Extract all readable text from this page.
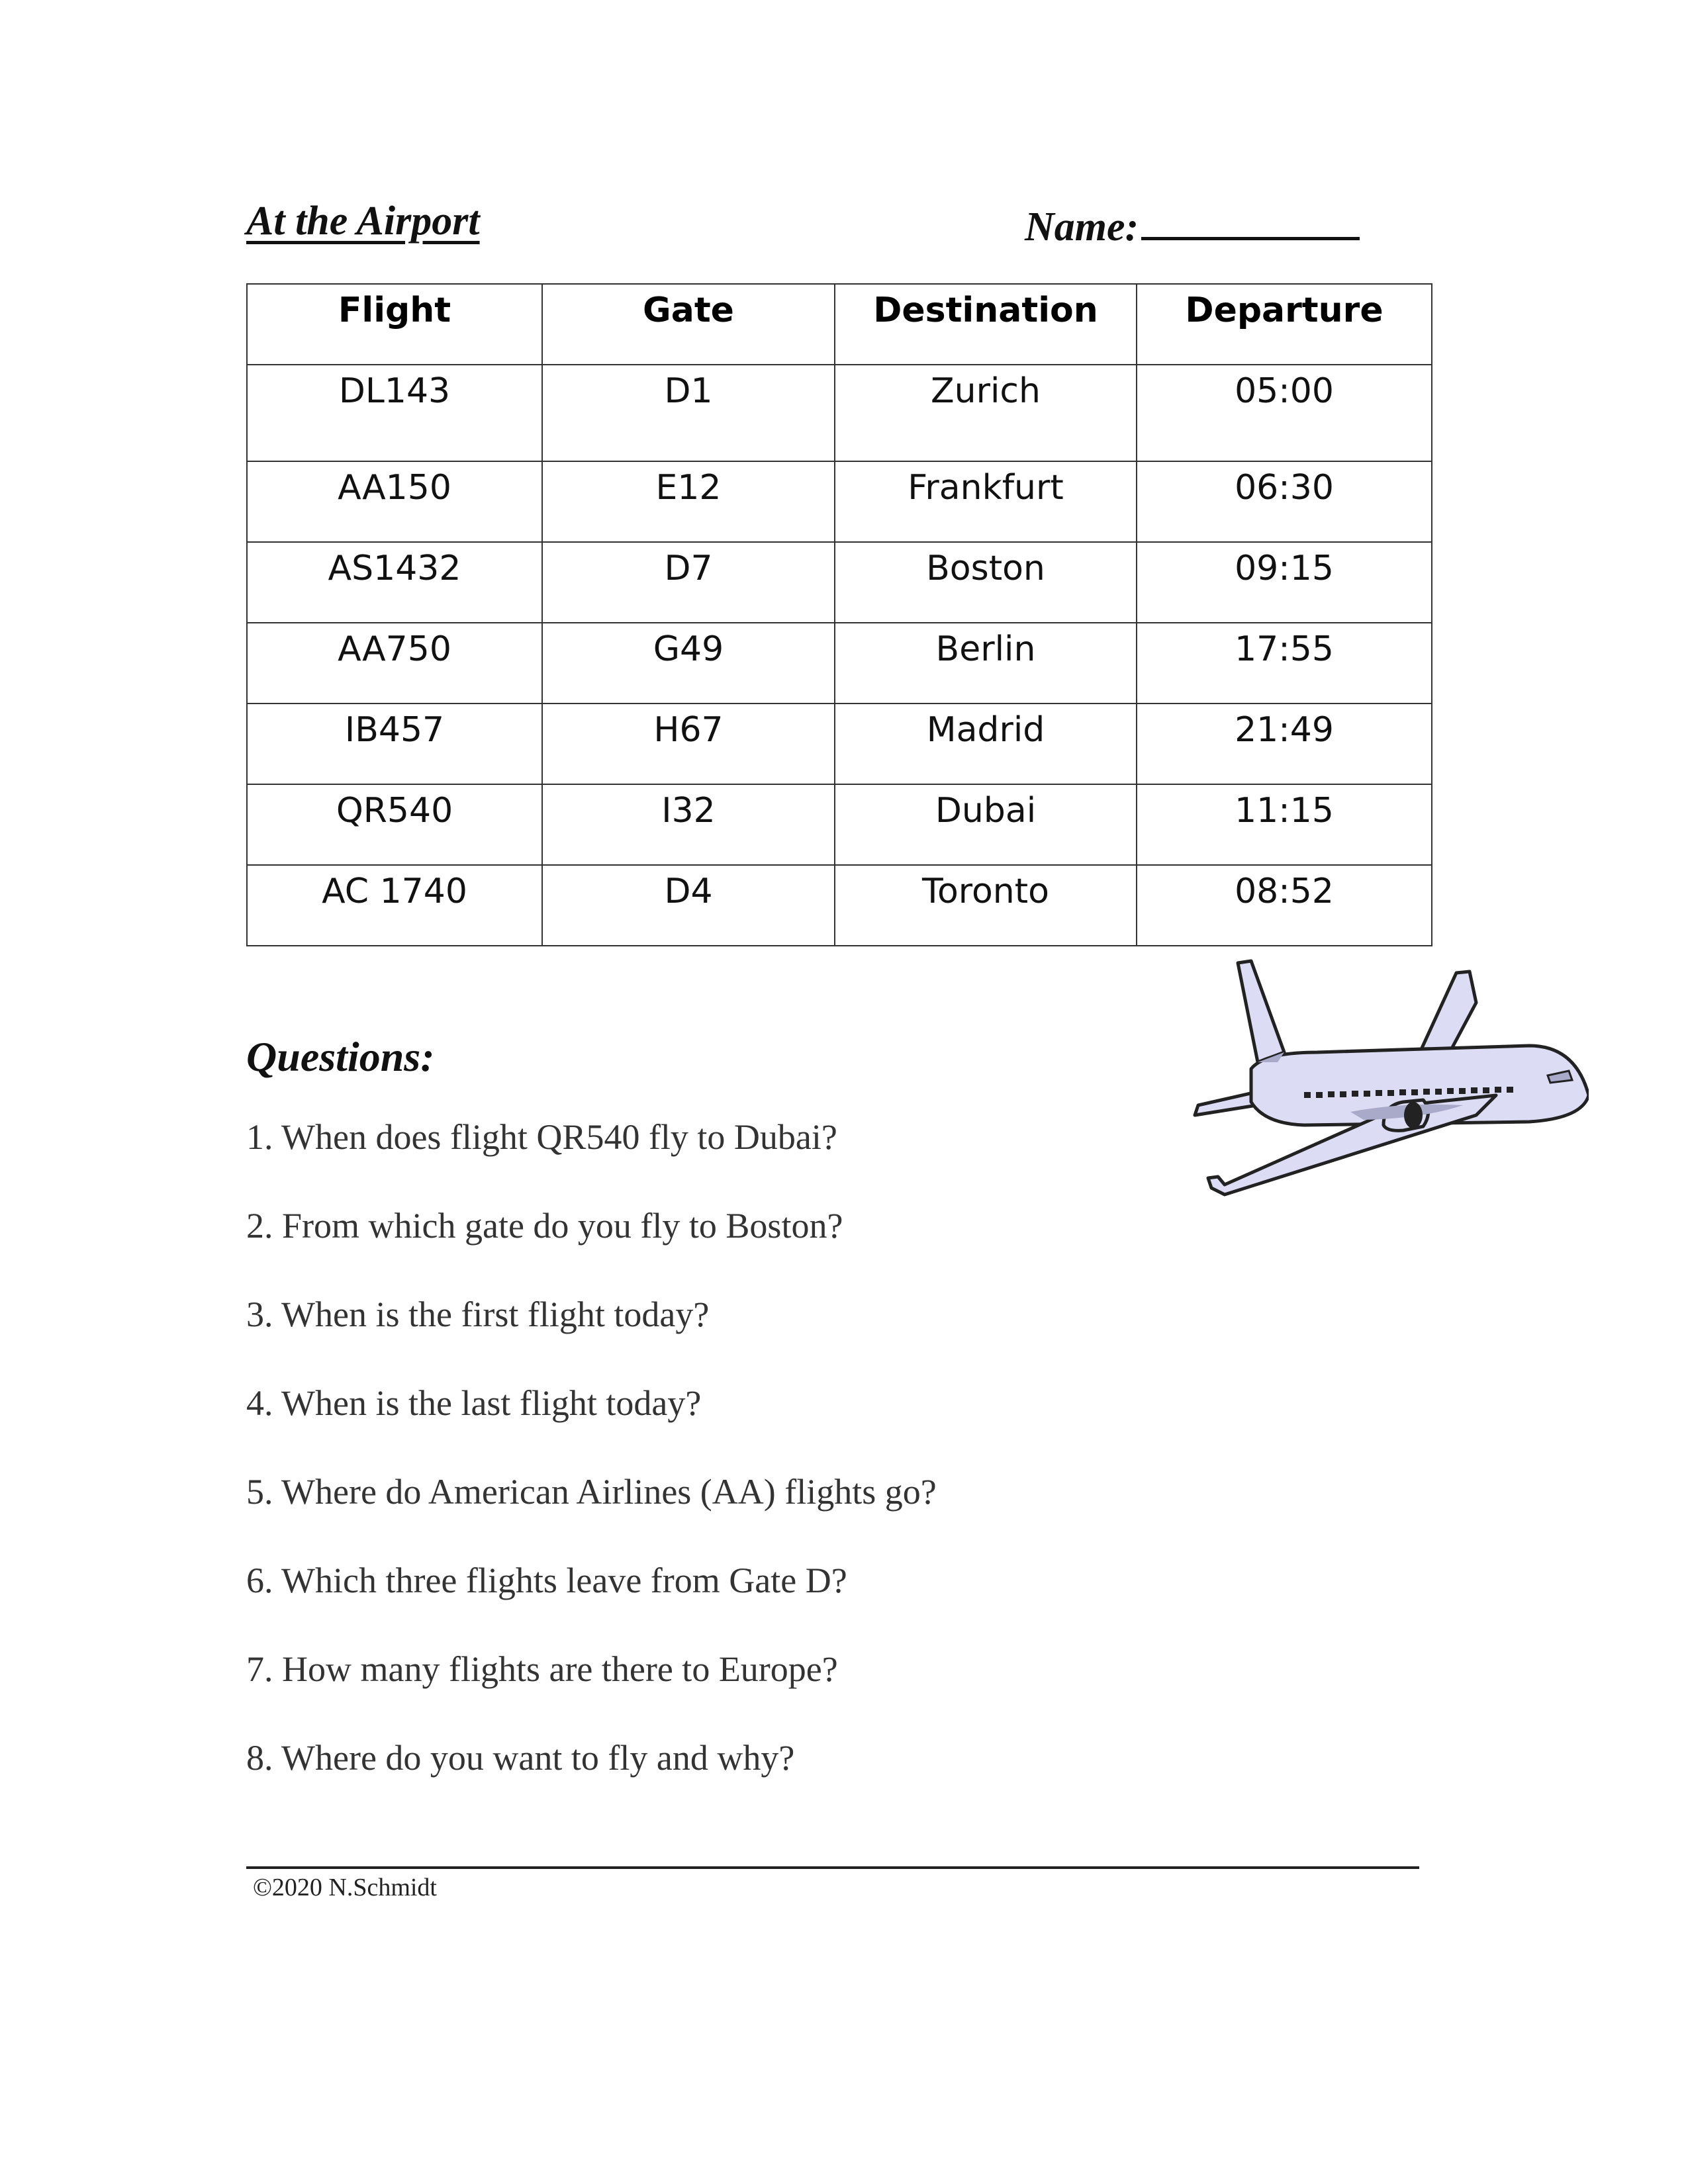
At the Airport	Name:
Flight	Gate	Destination	Departure
DL143	D1	Zurich	05:00
AA150	E12	Frankfurt	06:30
AS1432	D7	Boston	09:15
AA750	G49	Berlin	17:55
IB457	H67	Madrid	21:49
QR540	I32	Dubai	11:15
AC 1740	D4	Toronto	08:52
Questions:
1. When does flight QR540 fly to Dubai?
2. From which gate do you fly to Boston?
3. When is the first flight today?
4. When is the last flight today?
5. Where do American Airlines (AA) flights go?
6. Which three flights leave from Gate D?
7. How many flights are there to Europe?
8. Where do you want to fly and why?
©2020 N.Schmidt
